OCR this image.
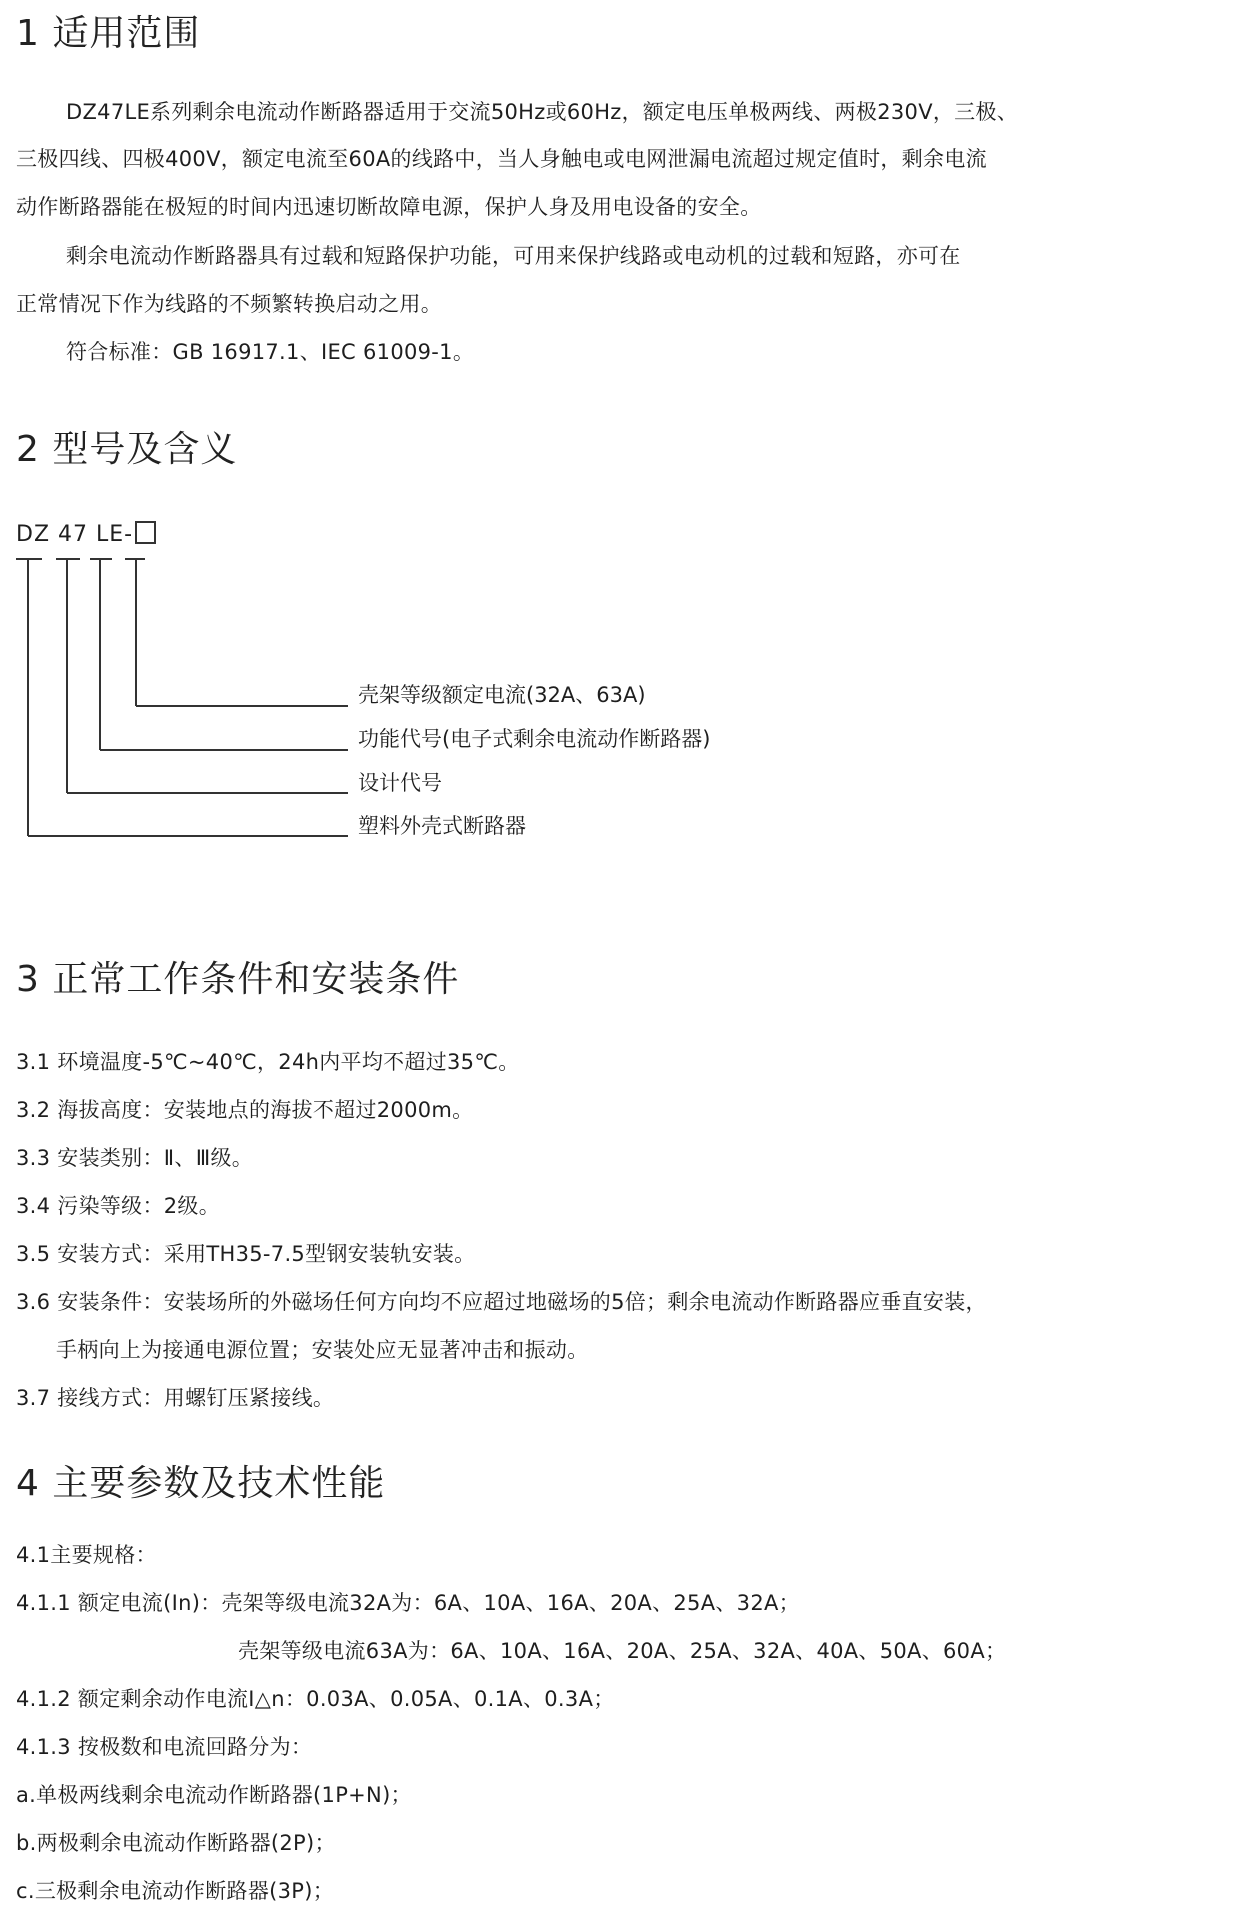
1 适用范围
DZ47LE系列剩余电流动作断路器适用于交流50Hz或60Hz，额定电压单极两线、两极230V，三极、
三极四线、四极400V，额定电流至60A的线路中，当人身触电或电网泄漏电流超过规定值时，剩余电流
动作断路器能在极短的时间内迅速切断故障电源，保护人身及用电设备的安全。
剩余电流动作断路器具有过载和短路保护功能，可用来保护线路或电动机的过载和短路，亦可在
正常情况下作为线路的不频繁转换启动之用。
符合标准：GB 16917.1、IEC 61009-1。
2 型号及含义
DZ 47 LE-
壳架等级额定电流(32A、63A)
功能代号(电子式剩余电流动作断路器)
设计代号
塑料外壳式断路器
3 正常工作条件和安装条件
3.1 环境温度-5℃~40℃，24h内平均不超过35℃。
3.2 海拔高度：安装地点的海拔不超过2000m。
3.3 安装类别：Ⅱ、Ⅲ级。
3.4 污染等级：2级。
3.5 安装方式：采用TH35-7.5型钢安装轨安装。
3.6 安装条件：安装场所的外磁场任何方向均不应超过地磁场的5倍；剩余电流动作断路器应垂直安装，
手柄向上为接通电源位置；安装处应无显著冲击和振动。
3.7 接线方式：用螺钉压紧接线。
4 主要参数及技术性能
4.1主要规格：
4.1.1 额定电流(In)：壳架等级电流32A为：6A、10A、16A、20A、25A、32A；
壳架等级电流63A为：6A、10A、16A、20A、25A、32A、40A、50A、60A；
4.1.2 额定剩余动作电流I△n：0.03A、0.05A、0.1A、0.3A；
4.1.3 按极数和电流回路分为：
a.单极两线剩余电流动作断路器(1P+N)；
b.两极剩余电流动作断路器(2P)；
c.三极剩余电流动作断路器(3P)；
